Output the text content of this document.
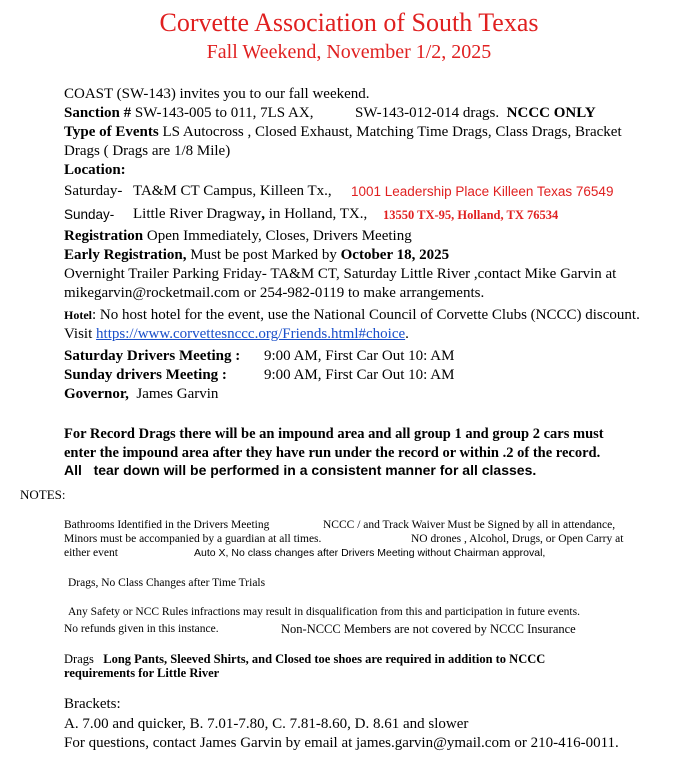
Corvette Association of South Texas
Fall Weekend, November 1/2, 2025
COAST (SW-143) invites you to our fall weekend.
Sanction # SW-143-005 to 011, 7LS AX,	SW-143-012-014 drags. NCCC ONLY
Type of Events LS Autocross , Closed Exhaust, Matching Time Drags, Class Drags, Bracket
Drags ( Drags are 1/8 Mile)
Location:
Saturday- TA&M CT Campus, Killeen Tx., 1001 Leadership Place Killeen Texas 76549
Sunday- Little River Dragway, in Holland, TX., 13550 TX-95, Holland, TX 76534
Registration Open Immediately, Closes, Drivers Meeting
Early Registration, Must be post Marked by October 18, 2025
Overnight Trailer Parking Friday- TA&M CT, Saturday Little River ,contact Mike Garvin at
mikegarvin@rocketmail.com or 254-982-0119 to make arrangements.
Hotel: No host hotel for the event, use the National Council of Corvette Clubs (NCCC) discount.
Visit https://www.corvettesnccc.org/Friends.html#choice.
Saturday Drivers Meeting : 9:00 AM, First Car Out 10: AM
Sunday drivers Meeting : 9:00 AM, First Car Out 10: AM
Governor, James Garvin
For Record Drags there will be an impound area and all group 1 and group 2 cars must
enter the impound area after they have run under the record or within .2 of the record.
All tear down will be performed in a consistent manner for all classes.
NOTES:
Bathrooms Identified in the Drivers Meeting	NCCC / and Track Waiver Must be Signed by all in attendance,
Minors must be accompanied by a guardian at all times.	NO drones , Alcohol, Drugs, or Open Carry at
either event	Auto X, No class changes after Drivers Meeting without Chairman approval,
Drags, No Class Changes after Time Trials
Any Safety or NCC Rules infractions may result in disqualification from this and participation in future events.
No refunds given in this instance.	Non-NCCC Members are not covered by NCCC Insurance
Drags Long Pants, Sleeved Shirts, and Closed toe shoes are required in addition to NCCC
requirements for Little River
Brackets:
A. 7.00 and quicker, B. 7.01-7.80, C. 7.81-8.60, D. 8.61 and slower
For questions, contact James Garvin by email at james.garvin@ymail.com or 210-416-0011.
